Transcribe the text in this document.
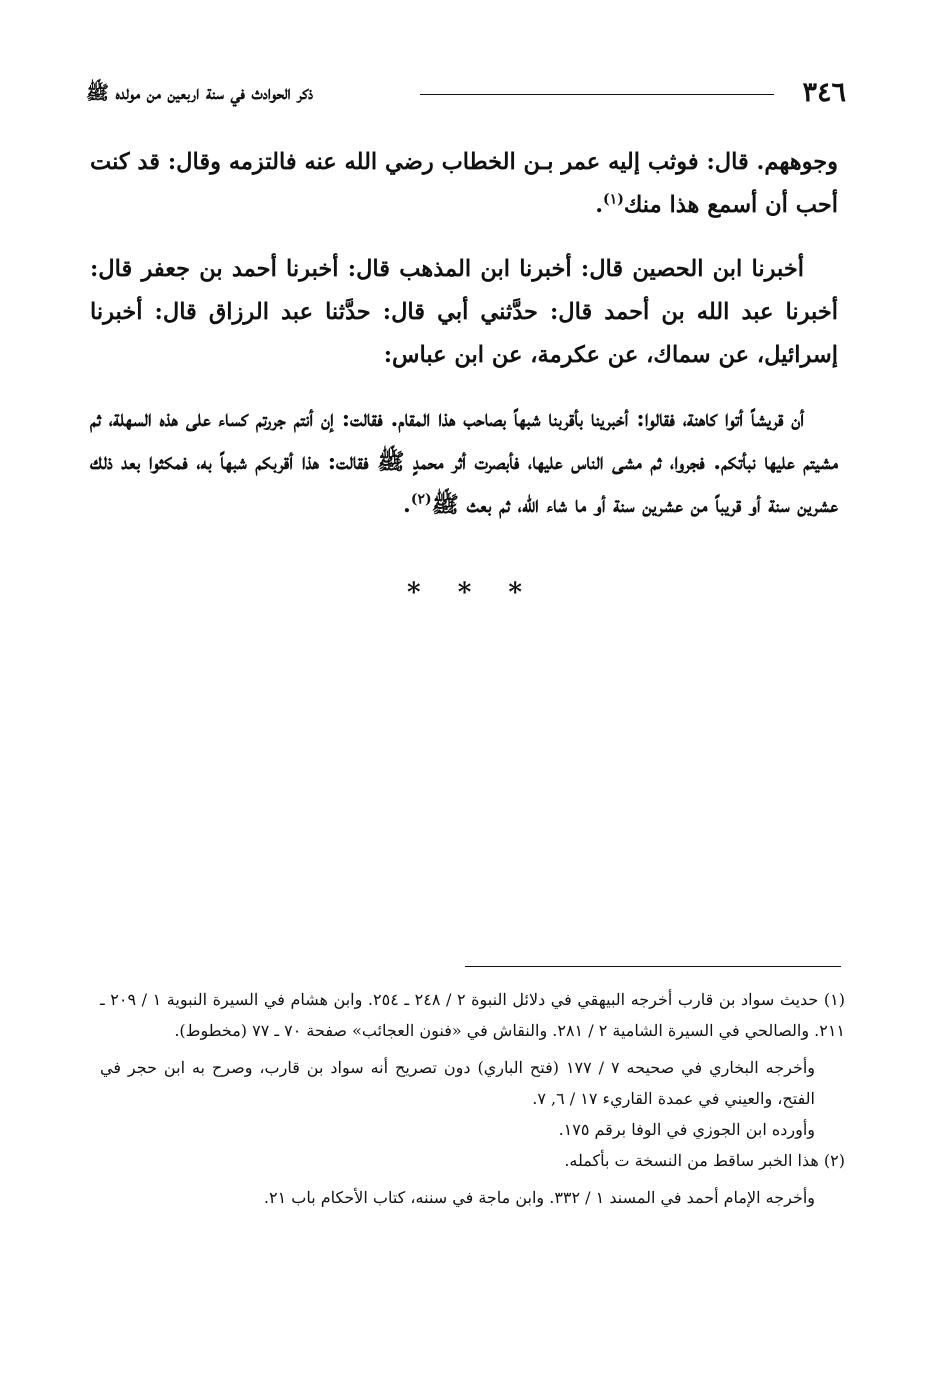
٣٤٦
ذكر الحوادث في سنة اربعين من مولده ﷺ

وجوههم. قال: فوثب إليه عمر بـن الخطاب رضي الله عنه فالتزمه وقال: قد كنت أحب أن أسمع هذا منك$^{(١)}$.

أخبرنا ابن الحصين قال: أخبرنا ابن المذهب قال: أخبرنا أحمد بن جعفر قال: أخبرنا عبد الله بن أحمد قال: حدَّثني أبي قال: حدَّثنا عبد الرزاق قال: أخبرنا إسرائيل، عن سماك، عن عكرمة، عن ابن عباس:

أن قريشاً أتوا كاهنة، فقالوا: أخبرينا بأقربنا شبهاً بصاحب هذا المقام. فقالت: إن أنتم جررتم كساء على هذه السهلة، ثم مشيتم عليها نبأتكم. فجروا، ثم مشى الناس عليها، فأبصرت أثر محمدٍ ﷺ فقالت: هذا أقربكم شبهاً به، فمكثوا بعد ذلك عشرين سنة أو قريباً من عشرين سنة أو ما شاء الله، ثم بعث ﷺ$^{(٢)}$.

* * *

(١) حديث سواد بن قارب أخرجه البيهقي في دلائل النبوة ٢ / ٢٤٨ ـ ٢٥٤. وابن هشام في السيرة النبوية ١ / ٢٠٩ ـ ٢١١. والصالحي في السيرة الشامية ٢ / ٢٨١. والنقاش في «فنون العجائب» صفحة ٧٠ ـ ٧٧ (مخطوط).

وأخرجه البخاري في صحيحه ٧ / ١٧٧ (فتح الباري) دون تصريح أنه سواد بن قارب، وصرح به ابن حجر في الفتح، والعيني في عمدة القاريء ١٧ / ٦, ٧.

وأورده ابن الجوزي في الوفا برقم ١٧٥.

(٢) هذا الخبر ساقط من النسخة ت بأكمله.

وأخرجه الإمام أحمد في المسند ١ / ٣٣٢. وابن ماجة في سننه، كتاب الأحكام باب ٢١.
